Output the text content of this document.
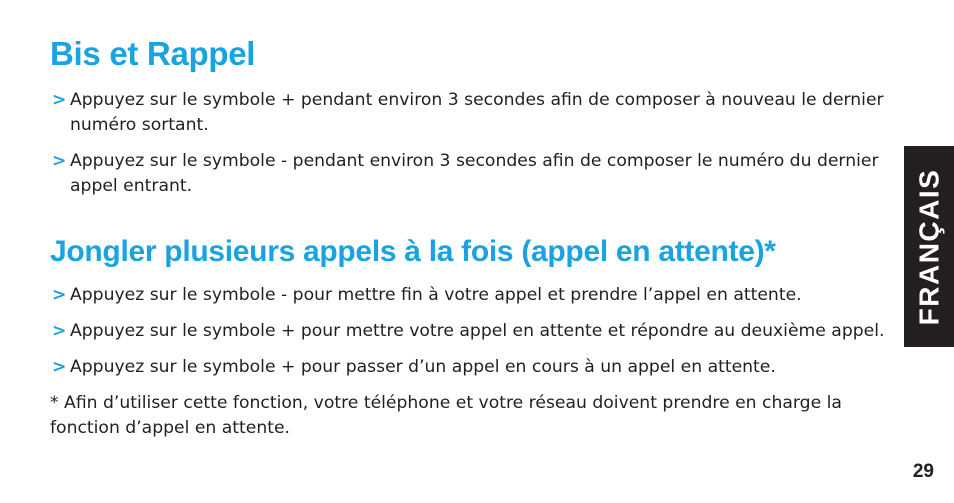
Bis et Rappel
> Appuyez sur le symbole + pendant environ 3 secondes afin de composer à nouveau le dernier numéro sortant.
> Appuyez sur le symbole - pendant environ 3 secondes afin de composer le numéro du dernier appel entrant.
Jongler plusieurs appels à la fois (appel en attente)*
> Appuyez sur le symbole - pour mettre fin à votre appel et prendre l’appel en attente.
> Appuyez sur le symbole + pour mettre votre appel en attente et répondre au deuxième appel.
> Appuyez sur le symbole + pour passer d’un appel en cours à un appel en attente.

* Afin d’utiliser cette fonction, votre téléphone et votre réseau doivent prendre en charge la fonction d’appel en attente.

FRANÇAIS
29
